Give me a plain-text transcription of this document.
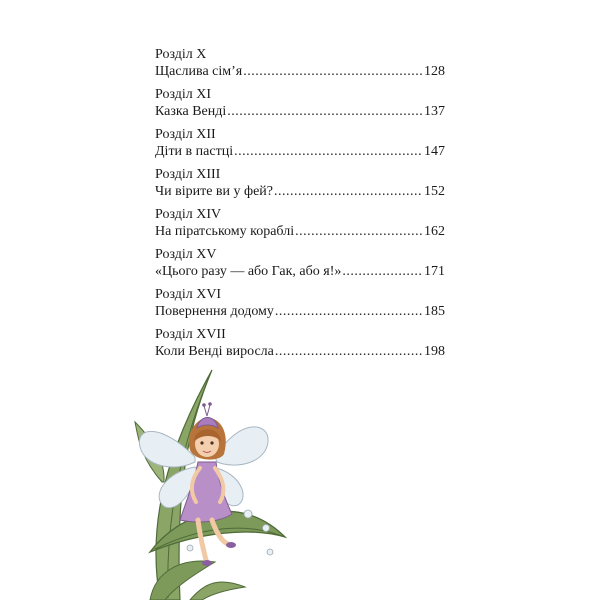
Розділ X
Щаслива сім’я .....	128
Розділ XI
Казка Венді .....	137
Розділ XII
Діти в пастці .....	147
Розділ XIII
Чи вірите ви у фей? .....	152
Розділ XIV
На піратському кораблі .....	162
Розділ XV
«Цього разу — або Гак, або я!» .....	171
Розділ XVI
Повернення додому .....	185
Розділ XVII
Коли Венді виросла .....	198
